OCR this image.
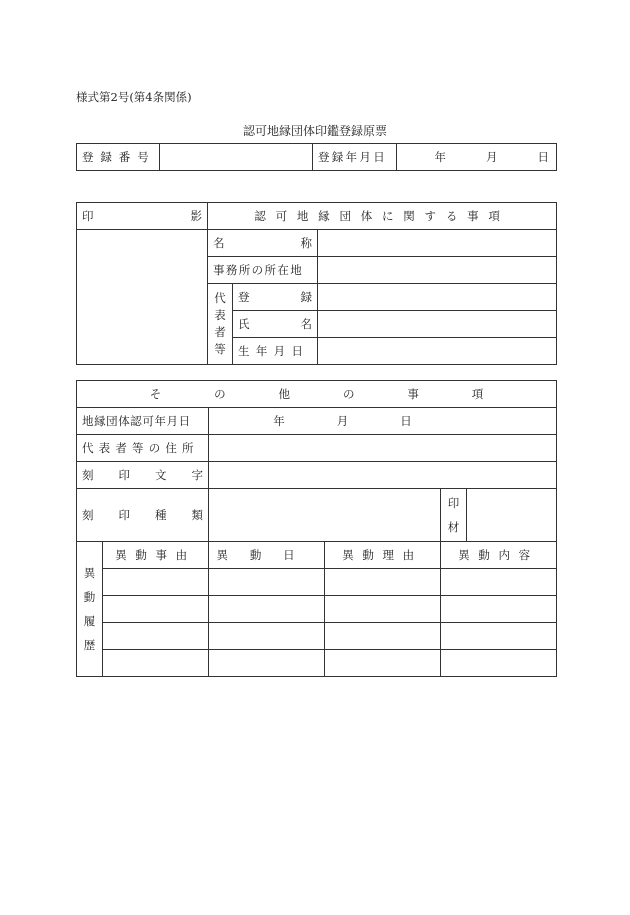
様式第2号(第4条関係)
認可地縁団体印鑑登録原票
登録番号		登録年月日	年	月	日
印 影	認可地縁団体に関する事項		

	名 称		

	事務所の所在地		
	代表者等	登 録	

		氏 名	

		生年月日	
その他の事項					
地縁団体認可年月日		年 月 日			

代表者等の住所					

刻 印 文 字					

刻 印 種 類				印材	
異動履歴	異動事由	異動日	異動理由	異動内容	
